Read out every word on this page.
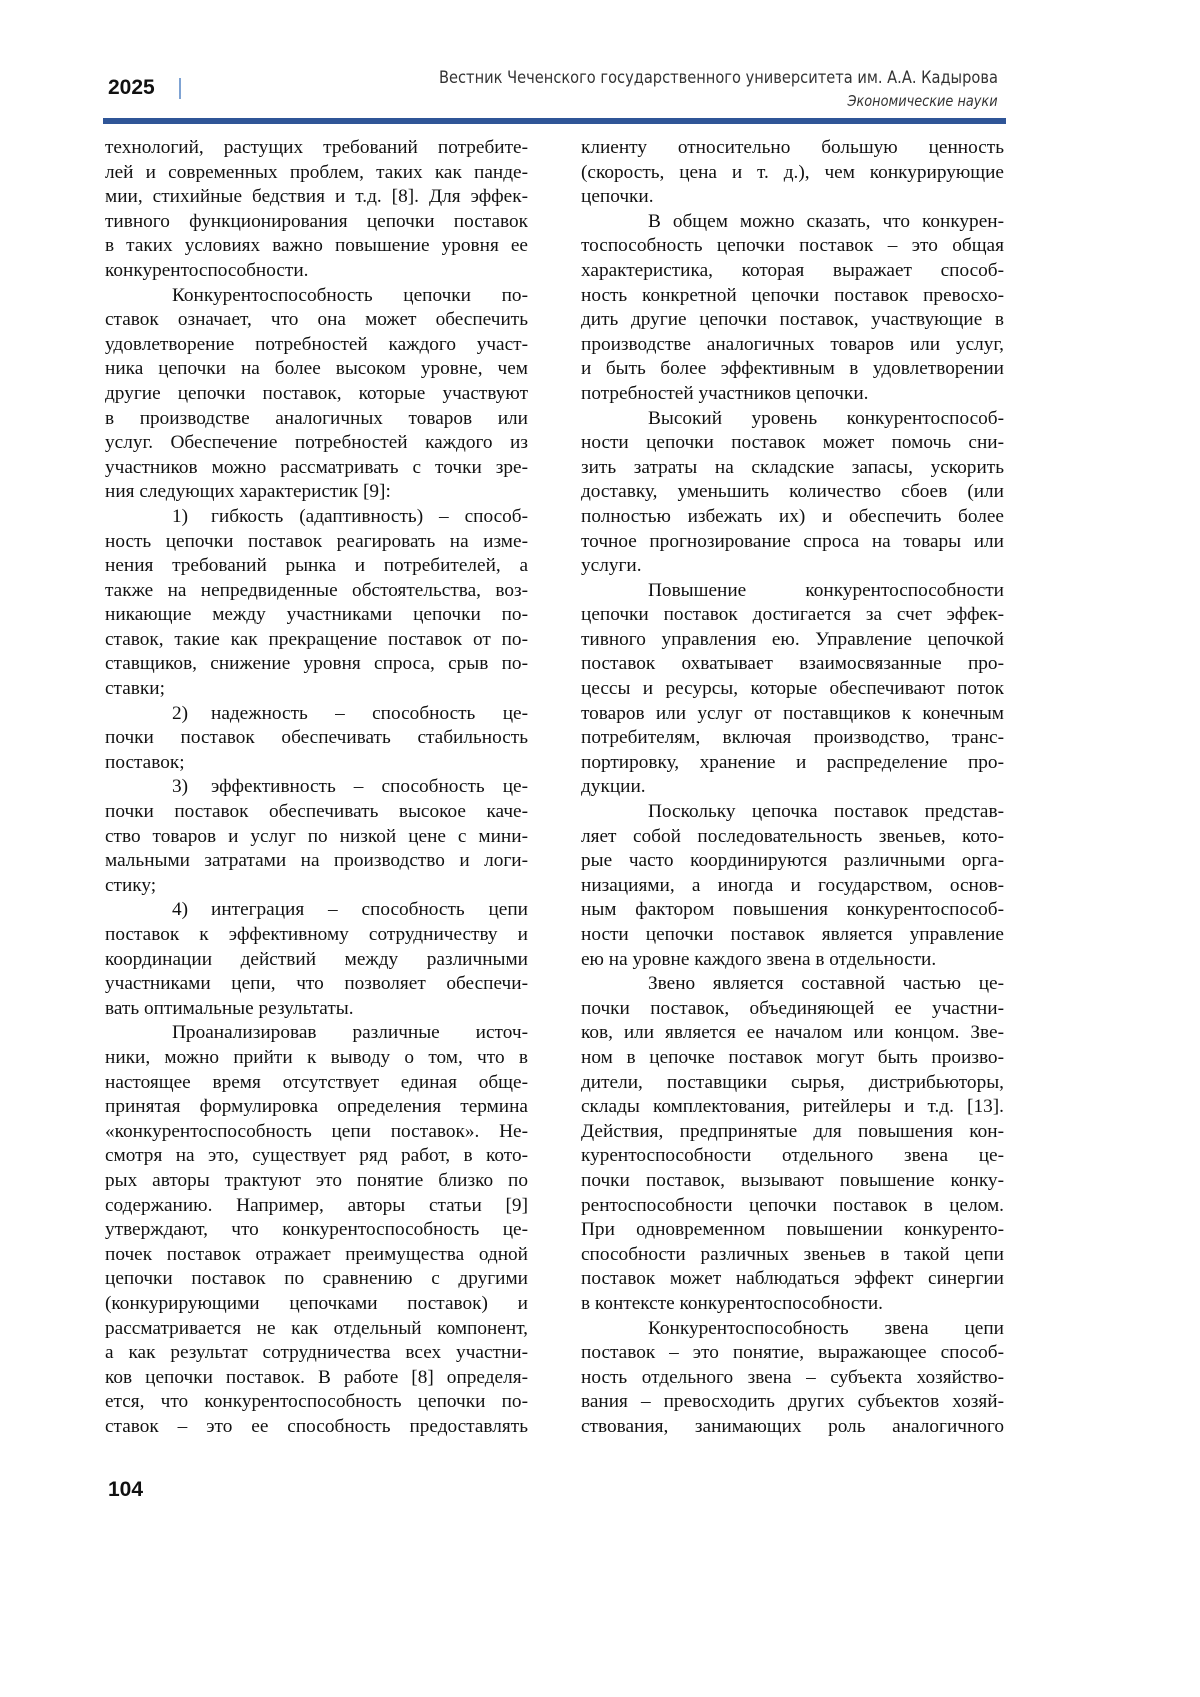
2025	Вестник Чеченского государственного университета им. А.А. Кадырова
Экономические науки
технологий, растущих требований потребите-
лей и современных проблем, таких как панде-
мии, стихийные бедствия и т.д. [8]. Для эффек-
тивного функционирования цепочки поставок
в таких условиях важно повышение уровня ее
конкурентоспособности.
Конкурентоспособность цепочки по-
ставок означает, что она может обеспечить
удовлетворение потребностей каждого участ-
ника цепочки на более высоком уровне, чем
другие цепочки поставок, которые участвуют
в производстве аналогичных товаров или
услуг. Обеспечение потребностей каждого из
участников можно рассматривать с точки зре-
ния следующих характеристик [9]:
1)	гибкость (адаптивность) – способ-
ность цепочки поставок реагировать на изме-
нения требований рынка и потребителей, а
также на непредвиденные обстоятельства, воз-
никающие между участниками цепочки по-
ставок, такие как прекращение поставок от по-
ставщиков, снижение уровня спроса, срыв по-
ставки;
2)	надежность – способность це-
почки поставок обеспечивать стабильность
поставок;
3)	эффективность – способность це-
почки поставок обеспечивать высокое каче-
ство товаров и услуг по низкой цене с мини-
мальными затратами на производство и логи-
стику;
4)	интеграция – способность цепи
поставок к эффективному сотрудничеству и
координации действий между различными
участниками цепи, что позволяет обеспечи-
вать оптимальные результаты.
Проанализировав различные источ-
ники, можно прийти к выводу о том, что в
настоящее время отсутствует единая обще-
принятая формулировка определения термина
«конкурентоспособность цепи поставок». Не-
смотря на это, существует ряд работ, в кото-
рых авторы трактуют это понятие близко по
содержанию. Например, авторы статьи [9]
утверждают, что конкурентоспособность це-
почек поставок отражает преимущества одной
цепочки поставок по сравнению с другими
(конкурирующими цепочками поставок) и
рассматривается не как отдельный компонент,
а как результат сотрудничества всех участни-
ков цепочки поставок. В работе [8] определя-
ется, что конкурентоспособность цепочки по-
ставок – это ее способность предоставлять
клиенту относительно большую ценность
(скорость, цена и т. д.), чем конкурирующие
цепочки.
В общем можно сказать, что конкурен-
тоспособность цепочки поставок – это общая
характеристика, которая выражает способ-
ность конкретной цепочки поставок превосхо-
дить другие цепочки поставок, участвующие в
производстве аналогичных товаров или услуг,
и быть более эффективным в удовлетворении
потребностей участников цепочки.
Высокий уровень конкурентоспособ-
ности цепочки поставок может помочь сни-
зить затраты на складские запасы, ускорить
доставку, уменьшить количество сбоев (или
полностью избежать их) и обеспечить более
точное прогнозирование спроса на товары или
услуги.
Повышение конкурентоспособности
цепочки поставок достигается за счет эффек-
тивного управления ею. Управление цепочкой
поставок охватывает взаимосвязанные про-
цессы и ресурсы, которые обеспечивают поток
товаров или услуг от поставщиков к конечным
потребителям, включая производство, транс-
портировку, хранение и распределение про-
дукции.
Поскольку цепочка поставок представ-
ляет собой последовательность звеньев, кото-
рые часто координируются различными орга-
низациями, а иногда и государством, основ-
ным фактором повышения конкурентоспособ-
ности цепочки поставок является управление
ею на уровне каждого звена в отдельности.
Звено является составной частью це-
почки поставок, объединяющей ее участни-
ков, или является ее началом или концом. Зве-
ном в цепочке поставок могут быть произво-
дители, поставщики сырья, дистрибьюторы,
склады комплектования, ритейлеры и т.д. [13].
Действия, предпринятые для повышения кон-
курентоспособности отдельного звена це-
почки поставок, вызывают повышение конку-
рентоспособности цепочки поставок в целом.
При одновременном повышении конкуренто-
способности различных звеньев в такой цепи
поставок может наблюдаться эффект синергии
в контексте конкурентоспособности.
Конкурентоспособность звена цепи
поставок – это понятие, выражающее способ-
ность отдельного звена – субъекта хозяйство-
вания – превосходить других субъектов хозяй-
ствования, занимающих роль аналогичного
104
